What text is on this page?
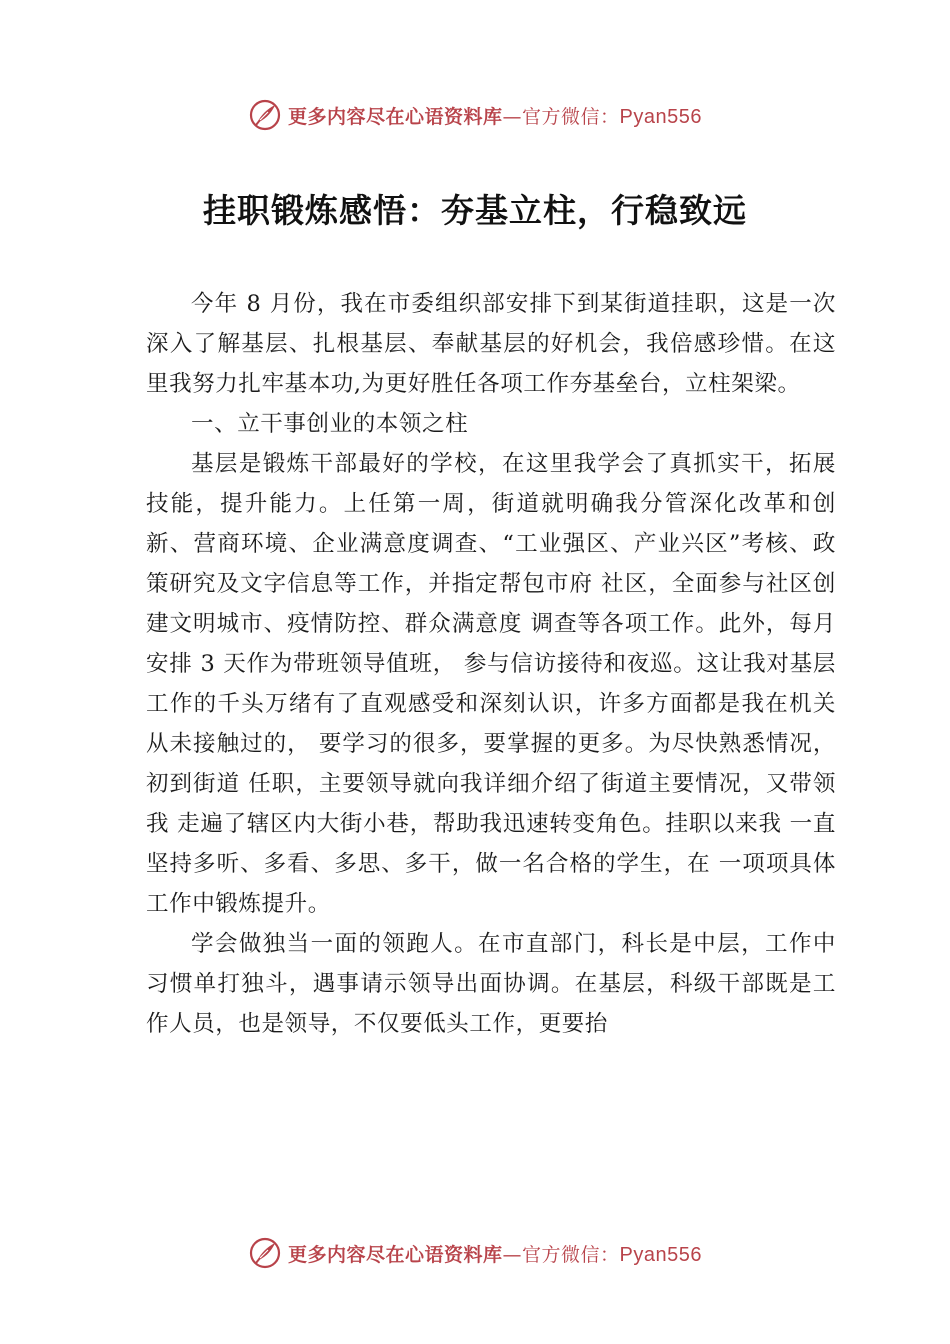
更多内容尽在心语资料库—官方微信：Pyan556
挂职锻炼感悟：夯基立柱，行稳致远

今年 8 月份，我在市委组织部安排下到某街道挂职，这是一次深入了解基层、扎根基层、奉献基层的好机会，我倍感珍惜。在这里我努力扎牢基本功,为更好胜任各项工作夯基垒台，立柱架梁。

一、立干事创业的本领之柱

基层是锻炼干部最好的学校，在这里我学会了真抓实干，拓展技能，提升能力。上任第一周，街道就明确我分管深化改革和创新、营商环境、企业满意度调查、“工业强区、产业兴区”考核、政策研究及文字信息等工作，并指定帮包市府 社区，全面参与社区创建文明城市、疫情防控、群众满意度 调查等各项工作。此外，每月安排 3 天作为带班领导值班， 参与信访接待和夜巡。这让我对基层工作的千头万绪有了直观感受和深刻认识，许多方面都是我在机关从未接触过的， 要学习的很多，要掌握的更多。为尽快熟悉情况，初到街道 任职，主要领导就向我详细介绍了街道主要情况，又带领我 走遍了辖区内大街小巷，帮助我迅速转变角色。挂职以来我 一直坚持多听、多看、多思、多干，做一名合格的学生，在 一项项具体工作中锻炼提升。

学会做独当一面的领跑人。在市直部门，科长是中层，工作中习惯单打独斗，遇事请示领导出面协调。在基层，科级干部既是工作人员，也是领导，不仅要低头工作，更要抬

更多内容尽在心语资料库—官方微信：Pyan556
